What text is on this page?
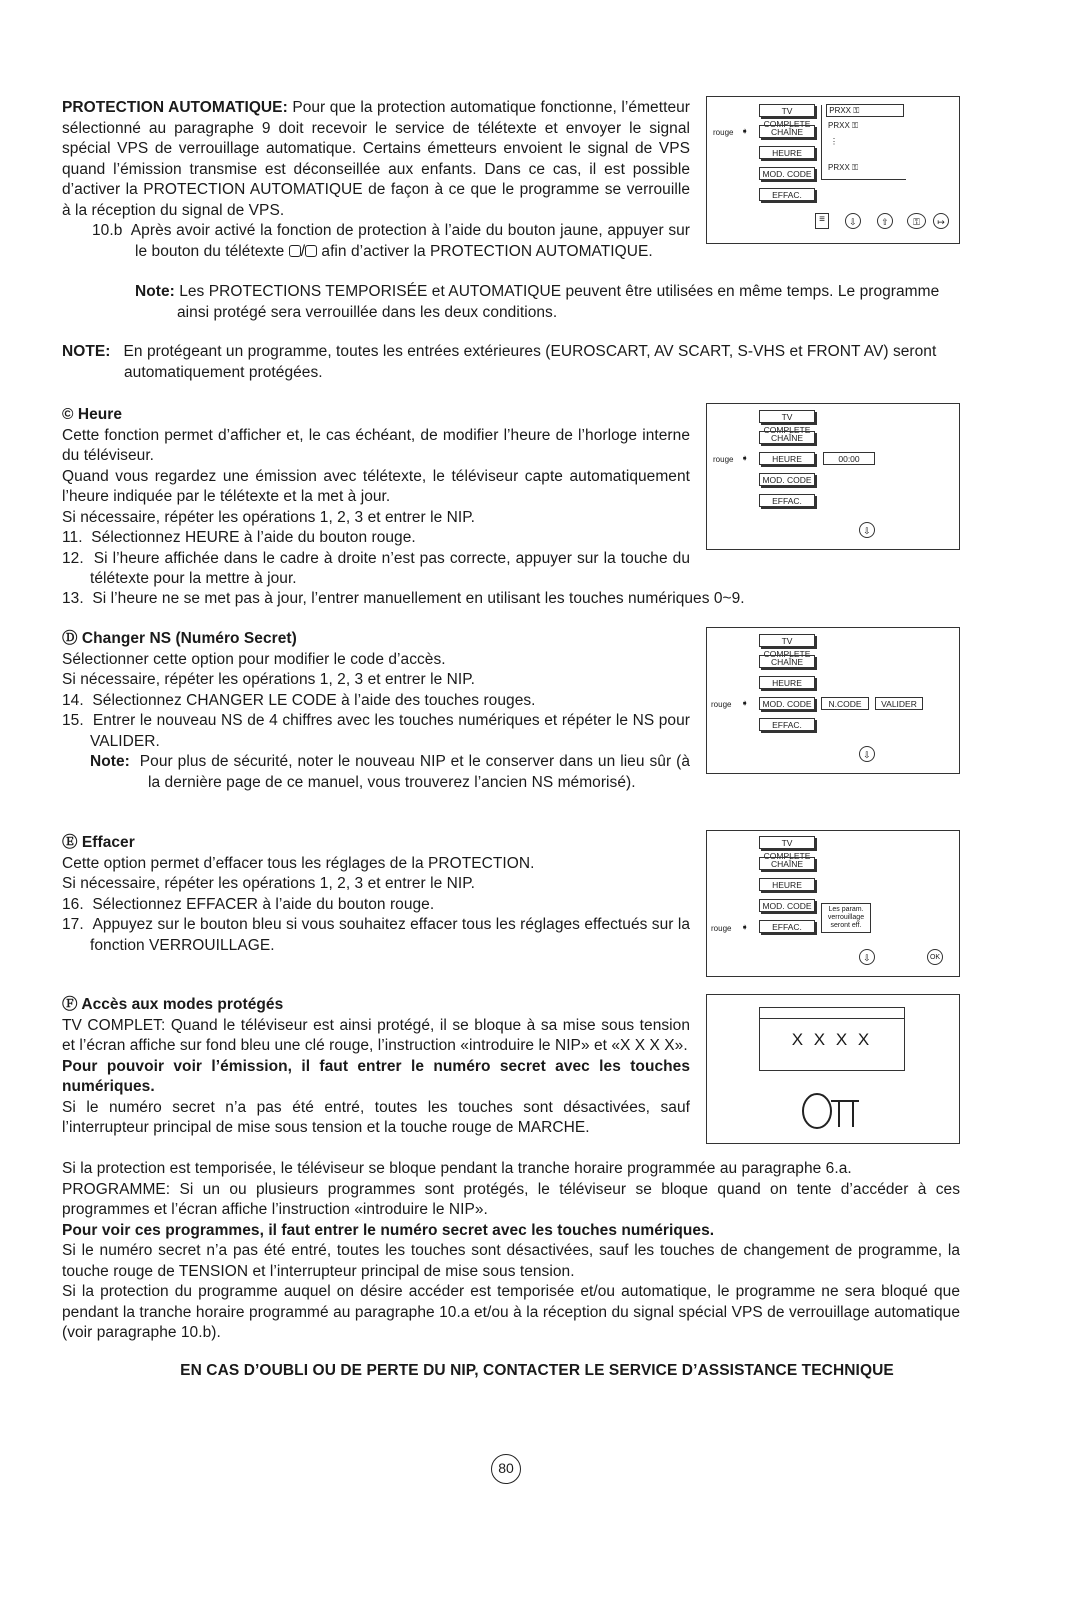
PROTECTION AUTOMATIQUE: Pour que la protection automatique fonctionne, l’émetteur sélectionné au paragraphe 9 doit recevoir le service de télétexte et envoyer le signal spécial VPS de verrouillage automatique. Certains émetteurs envoient le signal de VPS quand l’émission transmise est déconseillée aux enfants. Dans ce cas, il est possible d’activer la PROTECTION AUTOMATIQUE de façon à ce que le programme se verrouille à la réception du signal de VPS.

10.b Après avoir activé la fonction de protection à l’aide du bouton jaune, appuyer sur le bouton du télétexte / afin d’activer la PROTECTION AUTOMATIQUE.
Note: Les PROTECTIONS TEMPORISÉE et AUTOMATIQUE peuvent être utilisées en même temps. Le programme ainsi protégé sera verrouillée dans les deux conditions.
rouge ➧
TV COMPLETE
CHAÎNE
HEURE
MOD. CODE
EFFAC.
PRXX ⚿
PRXX ⚿
⋮
PRXX ⚿
≡	⇩	⇧	⚿	↦
NOTE: En protégeant un programme, toutes les entrées extérieures (EUROSCART, AV SCART, S-VHS et FRONT AV) seront automatiquement protégées.

© Heure

Cette fonction permet d’afficher et, le cas échéant, de modifier l’heure de l’horloge interne du téléviseur.

Quand vous regardez une émission avec télétexte, le téléviseur capte automatiquement l’heure indiquée par le télétexte et la met à jour.

Si nécessaire, répéter les opérations 1, 2, 3 et entrer le NIP.

11. Sélectionnez HEURE à l’aide du bouton rouge.

12. Si l’heure affichée dans le cadre à droite n’est pas correcte, appuyer sur la touche du télétexte pour la mettre à jour.

13. Si l’heure ne se met pas à jour, l’entrer manuellement en utilisant les touches numériques 0~9.
rouge ➧
TV COMPLETE
CHAÎNE
HEURE
MOD. CODE
EFFAC.
00:00
⇩

Ⓓ Changer NS (Numéro Secret)

Sélectionner cette option pour modifier le code d’accès.

Si nécessaire, répéter les opérations 1, 2, 3 et entrer le NIP.

14. Sélectionnez CHANGER LE CODE à l’aide des touches rouges.

15. Entrer le nouveau NS de 4 chiffres avec les touches numériques et répéter le NS pour VALIDER.

Note: Pour plus de sécurité, noter le nouveau NIP et le conserver dans un lieu sûr (à la dernière page de ce manuel, vous trouverez l’ancien NS mémorisé).

rouge ➧
TV COMPLETE
CHAÎNE
HEURE
MOD. CODE
EFFAC.
N.CODE	VALIDER
⇩

Ⓔ Effacer

Cette option permet d’effacer tous les réglages de la PROTECTION.

Si nécessaire, répéter les opérations 1, 2, 3 et entrer le NIP.

16. Sélectionnez EFFACER à l’aide du bouton rouge.

17. Appuyez sur le bouton bleu si vous souhaitez effacer tous les réglages effectués sur la fonction VERROUILLAGE.

rouge ➧
TV COMPLETE
CHAÎNE
HEURE
MOD. CODE
EFFAC.
Les param. verrouillage seront eff.
⇩	OK

Ⓕ Accès aux modes protégés

TV COMPLET: Quand le téléviseur est ainsi protégé, il se bloque à sa mise sous tension et l’écran affiche sur fond bleu une clé rouge, l’instruction «introduire le NIP» et «X X X X».

Pour pouvoir voir l’émission, il faut entrer le numéro secret avec les touches numériques.

Si le numéro secret n’a pas été entré, toutes les touches sont désactivées, sauf l’interrupteur principal de mise sous tension et la touche rouge de MARCHE.

Si la protection est temporisée, le téléviseur se bloque pendant la tranche horaire programmée au paragraphe 6.a.

PROGRAMME: Si un ou plusieurs programmes sont protégés, le téléviseur se bloque quand on tente d’accéder à ces programmes et l’écran affiche l’instruction «introduire le NIP».

Pour voir ces programmes, il faut entrer le numéro secret avec les touches numériques.

Si le numéro secret n’a pas été entré, toutes les touches sont désactivées, sauf les touches de changement de programme, la touche rouge de TENSION et l’interrupteur principal de mise sous tension.

Si la protection du programme auquel on désire accéder est temporisée et/ou automatique, le programme ne sera bloqué que pendant la tranche horaire programmé au paragraphe 10.a et/ou à la réception du signal spécial VPS de verrouillage automatique (voir paragraphe 10.b).

X X X X
EN CAS D’OUBLI OU DE PERTE DU NIP, CONTACTER LE SERVICE D’ASSISTANCE TECHNIQUE
80
